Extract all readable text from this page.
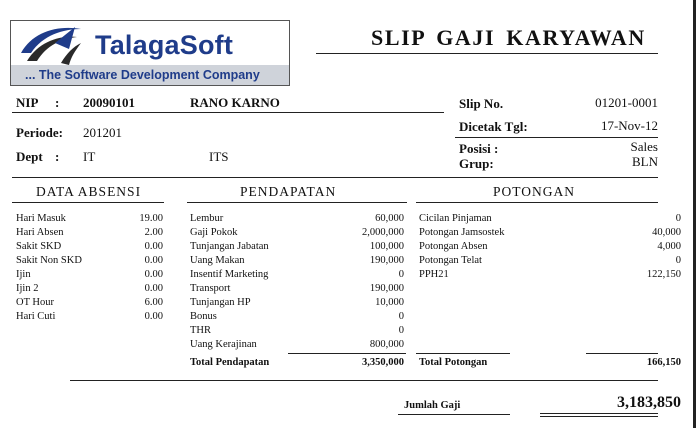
TalagaSoft
... The Software Development Company
SLIP GAJI KARYAWAN
NIP : 20090101	RANO KARNO
Periode: 201201
Dept : IT	ITS
Slip No.	01201-0001
Dicetak Tgl:	17-Nov-12
Posisi :	Sales
Grup:	BLN
DATA ABSENSI	PENDAPATAN	POTONGAN
Hari Masuk	19.00
Hari Absen	2.00
Sakit SKD	0.00
Sakit Non SKD	0.00
Ijin	0.00
Ijin 2	0.00
OT Hour	6.00
Hari Cuti	0.00
Lembur	60,000
Gaji Pokok	2,000,000
Tunjangan Jabatan	100,000
Uang Makan	190,000
Insentif Marketing	0
Transport	190,000
Tunjangan HP	10,000
Bonus	0
THR	0
Uang Kerajinan	800,000
Total Pendapatan	3,350,000
Cicilan Pinjaman	0
Potongan Jamsostek	40,000
Potongan Absen	4,000
Potongan Telat	0
PPH21	122,150
Total Potongan	166,150
Jumlah Gaji	3,183,850
